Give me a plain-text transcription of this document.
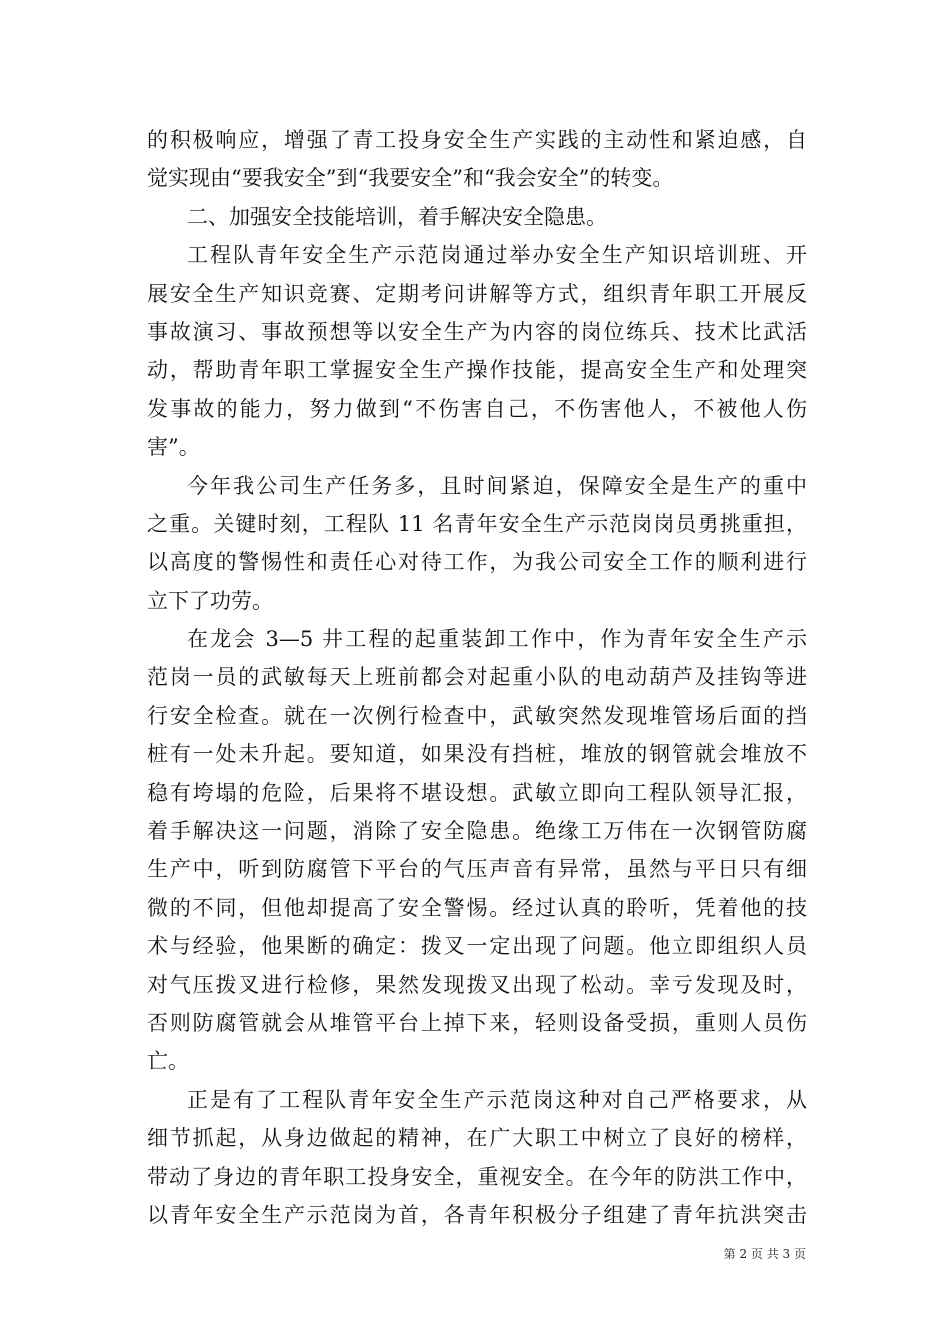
的积极响应，增强了青工投身安全生产实践的主动性和紧迫感，自
觉实现由“要我安全”到“我要安全”和“我会安全”的转变。
二、加强安全技能培训，着手解决安全隐患。
工程队青年安全生产示范岗通过举办安全生产知识培训班、开
展安全生产知识竞赛、定期考问讲解等方式，组织青年职工开展反
事故演习、事故预想等以安全生产为内容的岗位练兵、技术比武活
动，帮助青年职工掌握安全生产操作技能，提高安全生产和处理突
发事故的能力，努力做到“不伤害自己，不伤害他人，不被他人伤
害”。
今年我公司生产任务多，且时间紧迫，保障安全是生产的重中
之重。关键时刻，工程队 11 名青年安全生产示范岗岗员勇挑重担，
以高度的警惕性和责任心对待工作，为我公司安全工作的顺利进行
立下了功劳。
在龙会 3—5 井工程的起重装卸工作中，作为青年安全生产示
范岗一员的武敏每天上班前都会对起重小队的电动葫芦及挂钩等进
行安全检查。就在一次例行检查中，武敏突然发现堆管场后面的挡
桩有一处未升起。要知道，如果没有挡桩，堆放的钢管就会堆放不
稳有垮塌的危险，后果将不堪设想。武敏立即向工程队领导汇报，
着手解决这一问题，消除了安全隐患。绝缘工万伟在一次钢管防腐
生产中，听到防腐管下平台的气压声音有异常，虽然与平日只有细
微的不同，但他却提高了安全警惕。经过认真的聆听，凭着他的技
术与经验，他果断的确定：拨叉一定出现了问题。他立即组织人员
对气压拨叉进行检修，果然发现拨叉出现了松动。幸亏发现及时，
否则防腐管就会从堆管平台上掉下来，轻则设备受损，重则人员伤
亡。
正是有了工程队青年安全生产示范岗这种对自己严格要求，从
细节抓起，从身边做起的精神，在广大职工中树立了良好的榜样，
带动了身边的青年职工投身安全，重视安全。在今年的防洪工作中，
以青年安全生产示范岗为首，各青年积极分子组建了青年抗洪突击
第 2 页 共 3 页
